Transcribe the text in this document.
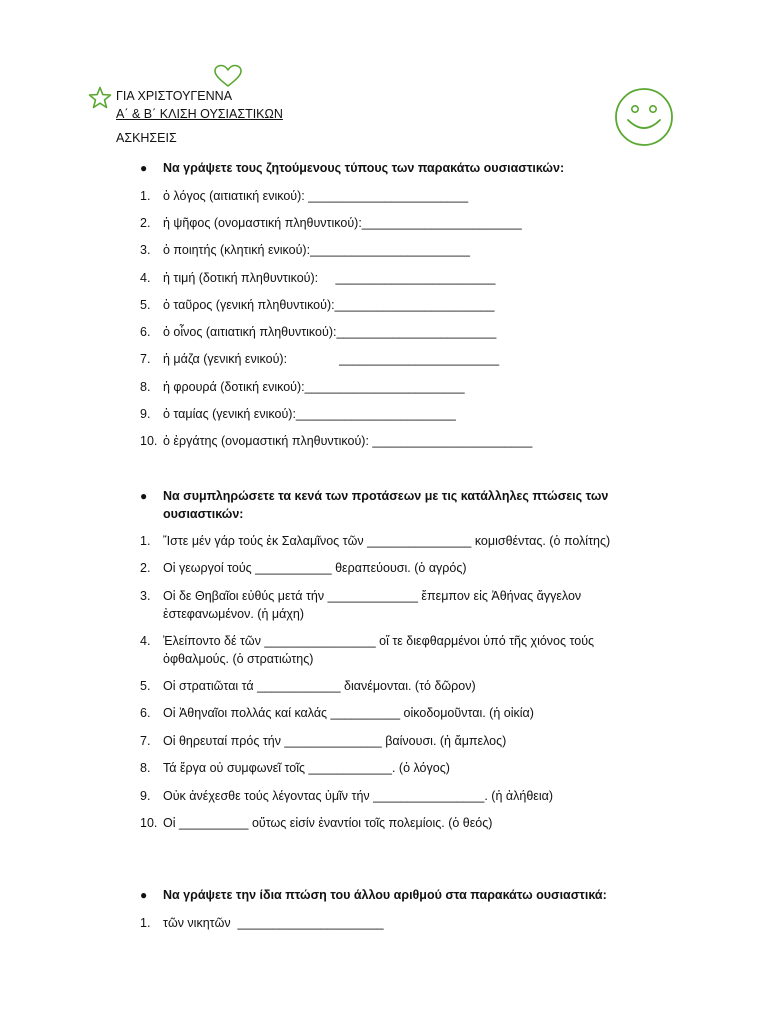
ΓΙΑ ΧΡΙΣΤΟΥΓΕΝΝΑ
Α΄ & Β΄ ΚΛΙΣΗ ΟΥΣΙΑΣΤΙΚΩΝ
ΑΣΚΗΣΕΙΣ
● Να γράψετε τους ζητούμενους τύπους των παρακάτω ουσιαστικών:
1.	ὁ λόγος (αιτιατική ενικού): _______________________
2.	ἡ ψῆφος (ονομαστική πληθυντικού):_______________________
3.	ὁ ποιητής (κλητική ενικού):_______________________
4.	ἡ τιμή (δοτική πληθυντικού):     _______________________
5.	ὁ ταῦρος (γενική πληθυντικού):_______________________
6.	ὁ οἶνος (αιτιατική πληθυντικού):_______________________
7.	ἡ μάζα (γενική ενικού):               _______________________
8.	ἡ φρουρά (δοτική ενικού):_______________________
9.	ὁ ταμίας (γενική ενικού):_______________________
10. ὁ ἐργάτης (ονομαστική πληθυντικού): _______________________
● Να συμπληρώσετε τα κενά των προτάσεων με τις κατάλληλες πτώσεις των ουσιαστικών:
1.	Ἴστε μέν γάρ τούς ἐκ Σαλαμῖνος τῶν _______________ κομισθέντας. (ὁ πολίτης)
2.	Οἱ γεωργοί τούς ___________ θεραπεύουσι. (ὁ αγρός)
3.	Οἱ δε Θηβαῖοι εὐθύς μετά τήν _____________ ἔπεμπον εἰς Ἀθήνας ἄγγελον ἐστεφανωμένον. (ἡ μάχη)
4.	Ἐλείποντο δέ τῶν ________________ οἵ τε διεφθαρμένοι ὑπό τῆς χιόνος τούς ὀφθαλμούς. (ὁ στρατιώτης)
5.	Οἱ στρατιῶται τά ____________ διανέμονται. (τό δῶρον)
6.	Οἱ Ἀθηναῖοι πολλάς καί καλάς __________ οἰκοδομοῦνται. (ἡ οἰκία)
7.	Οἱ θηρευταί πρός τήν ______________ βαίνουσι. (ἡ ἄμπελος)
8.	Τά ἔργα οὐ συμφωνεῖ τοῖς ____________. (ὁ λόγος)
9.	Οὐκ ἀνέχεσθε τούς λέγοντας ὑμῖν τήν ________________. (ἡ ἀλήθεια)
10. Οἱ __________ οὕτως εἰσίν ἐναντίοι τοῖς πολεμίοις. (ὁ θεός)
● Να γράψετε την ίδια πτώση του άλλου αριθμού στα παρακάτω ουσιαστικά:
1.	τῶν νικητῶν  _____________________
